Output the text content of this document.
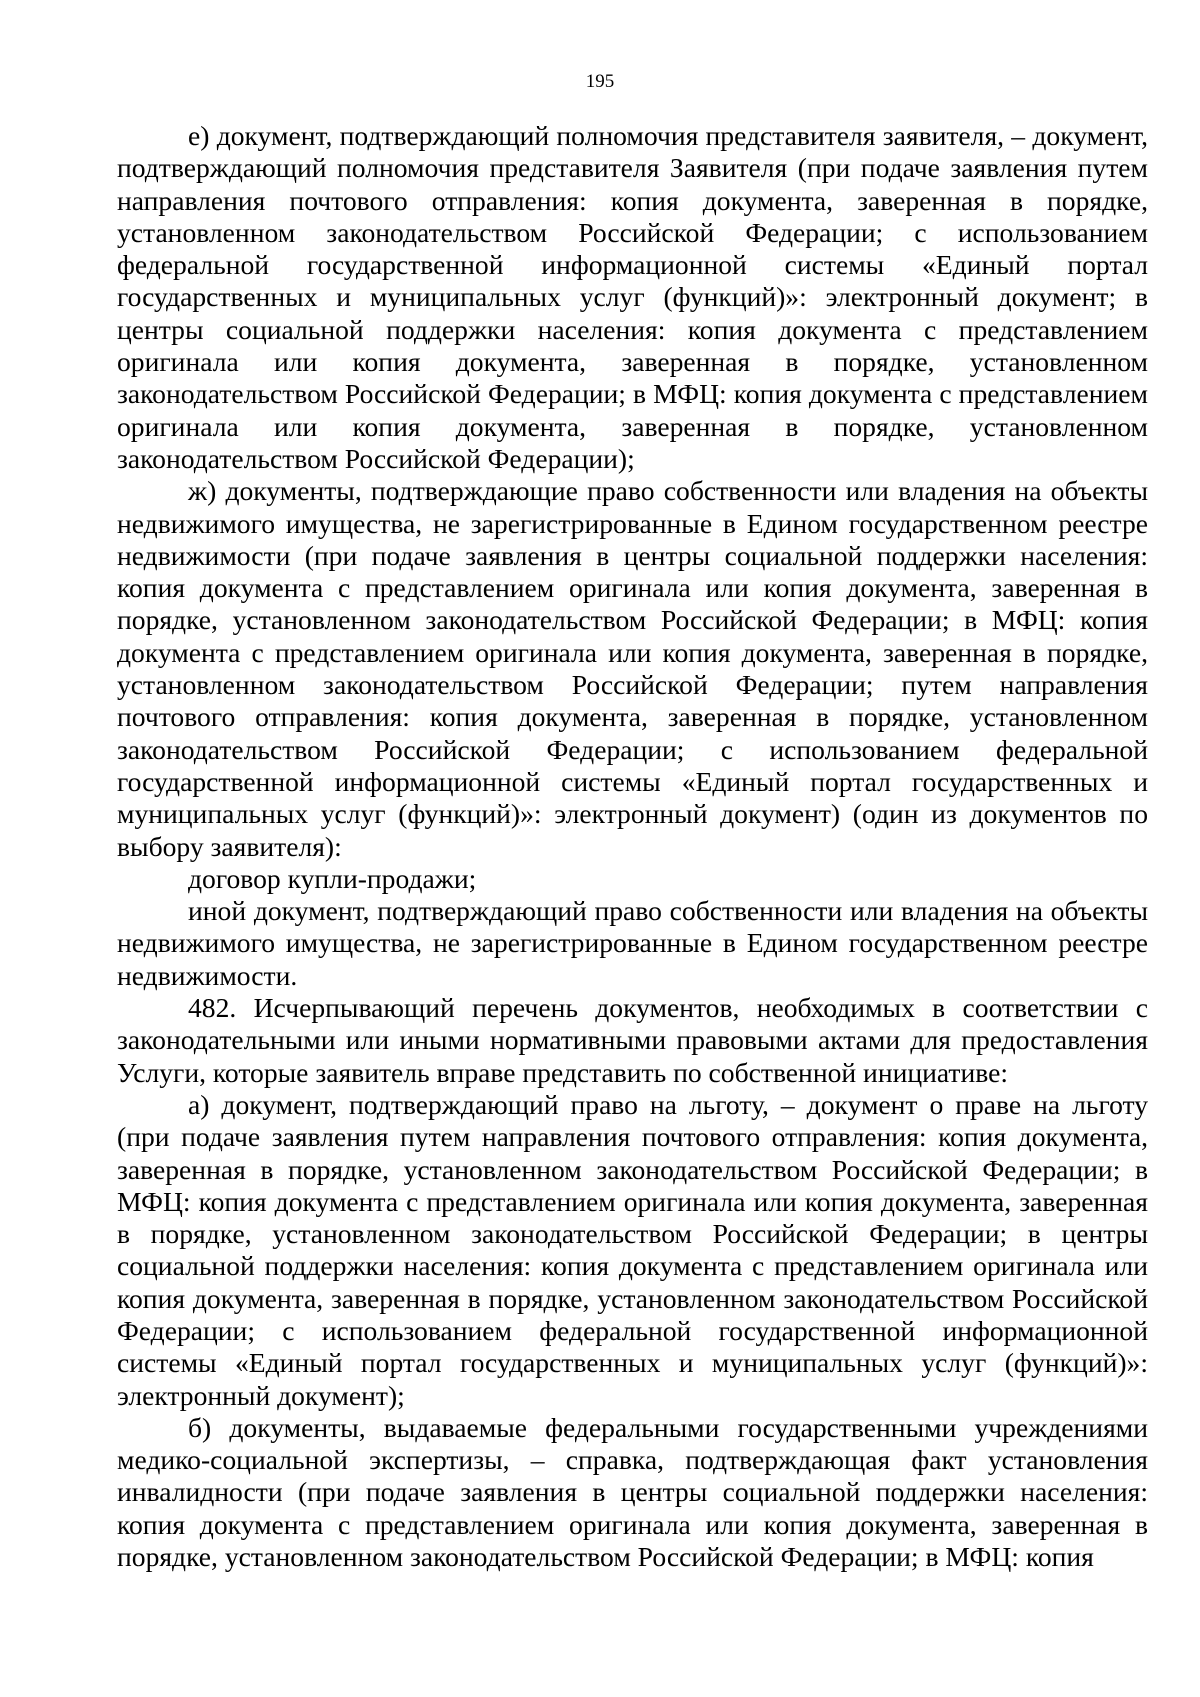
195

е) документ, подтверждающий полномочия представителя заявителя, – документ, подтверждающий полномочия представителя Заявителя (при подаче заявления путем направления почтового отправления: копия документа, заверенная в порядке, установленном законодательством Российской Федерации; с использованием федеральной государственной информационной системы «Единый портал государственных и муниципальных услуг (функций)»: электронный документ; в центры социальной поддержки населения: копия документа с представлением оригинала или копия документа, заверенная в порядке, установленном законодательством Российской Федерации; в МФЦ: копия документа с представлением оригинала или копия документа, заверенная в порядке, установленном законодательством Российской Федерации);

ж) документы, подтверждающие право собственности или владения на объекты недвижимого имущества, не зарегистрированные в Едином государственном реестре недвижимости (при подаче заявления в центры социальной поддержки населения: копия документа с представлением оригинала или копия документа, заверенная в порядке, установленном законодательством Российской Федерации; в МФЦ: копия документа с представлением оригинала или копия документа, заверенная в порядке, установленном законодательством Российской Федерации; путем направления почтового отправления: копия документа, заверенная в порядке, установленном законодательством Российской Федерации; с использованием федеральной государственной информационной системы «Единый портал государственных и муниципальных услуг (функций)»: электронный документ) (один из документов по выбору заявителя):

договор купли-продажи;

иной документ, подтверждающий право собственности или владения на объекты недвижимого имущества, не зарегистрированные в Едином государственном реестре недвижимости.

482. Исчерпывающий перечень документов, необходимых в соответствии с законодательными или иными нормативными правовыми актами для предоставления Услуги, которые заявитель вправе представить по собственной инициативе:

а) документ, подтверждающий право на льготу, – документ о праве на льготу (при подаче заявления путем направления почтового отправления: копия документа, заверенная в порядке, установленном законодательством Российской Федерации; в МФЦ: копия документа с представлением оригинала или копия документа, заверенная в порядке, установленном законодательством Российской Федерации; в центры социальной поддержки населения: копия документа с представлением оригинала или копия документа, заверенная в порядке, установленном законодательством Российской Федерации; с использованием федеральной государственной информационной системы «Единый портал государственных и муниципальных услуг (функций)»: электронный документ);

б) документы, выдаваемые федеральными государственными учреждениями медико-социальной экспертизы, – справка, подтверждающая факт установления инвалидности (при подаче заявления в центры социальной поддержки населения: копия документа с представлением оригинала или копия документа, заверенная в порядке, установленном законодательством Российской Федерации; в МФЦ: копия
